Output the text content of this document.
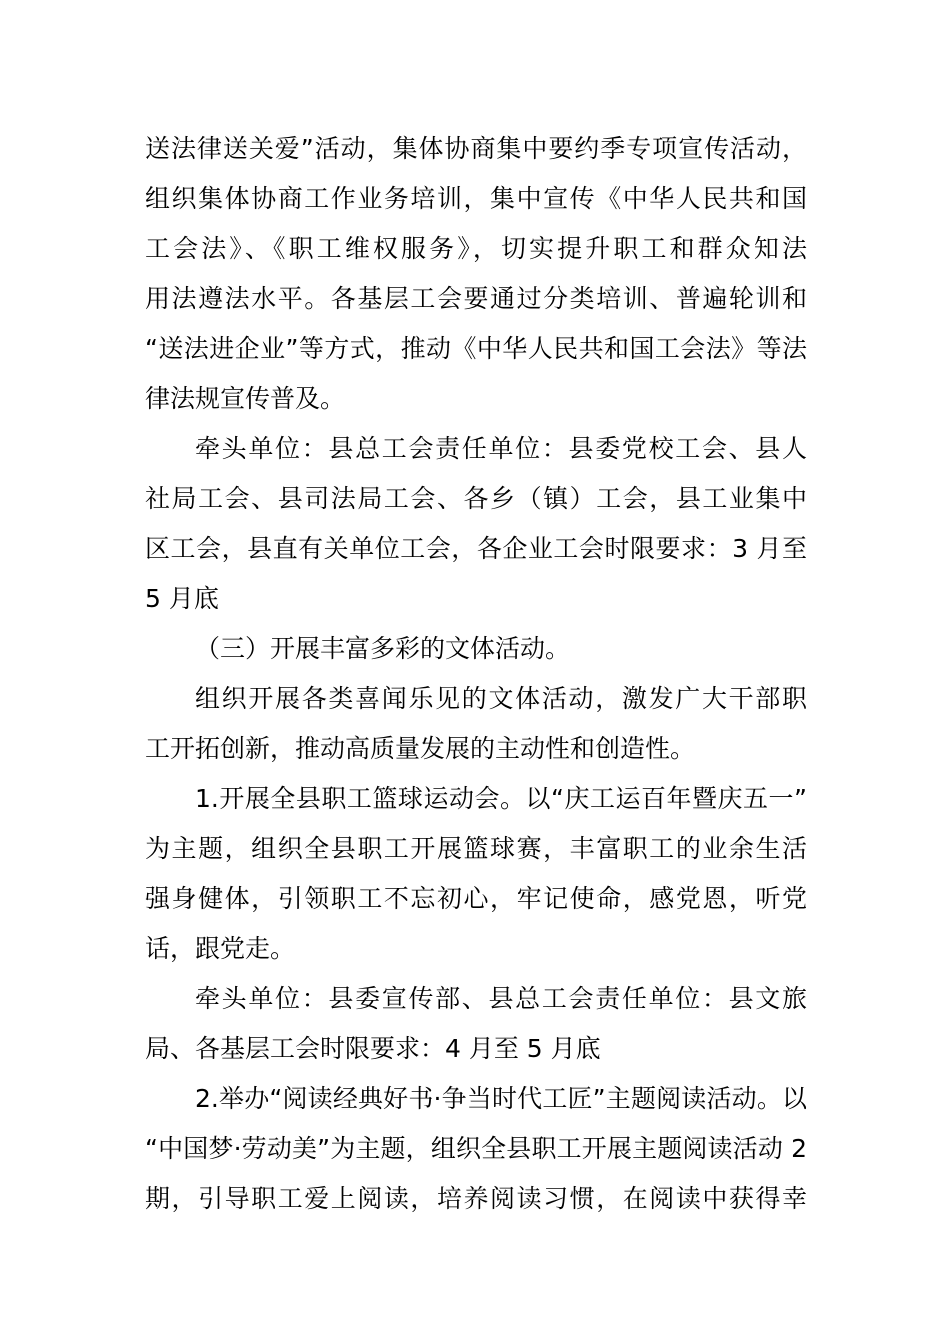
送法律送关爱”活动，集体协商集中要约季专项宣传活动，
组织集体协商工作业务培训，集中宣传《中华人民共和国
工会法》、《职工维权服务》，切实提升职工和群众知法
用法遵法水平。各基层工会要通过分类培训、普遍轮训和
“送法进企业”等方式，推动《中华人民共和国工会法》等法
律法规宣传普及。
牵头单位：县总工会责任单位：县委党校工会、县人
社局工会、县司法局工会、各乡（镇）工会，县工业集中
区工会，县直有关单位工会，各企业工会时限要求：3 月至
5 月底
（三）开展丰富多彩的文体活动。
组织开展各类喜闻乐见的文体活动，激发广大干部职
工开拓创新，推动高质量发展的主动性和创造性。
1.开展全县职工篮球运动会。以“庆工运百年暨庆五一”
为主题，组织全县职工开展篮球赛，丰富职工的业余生活
强身健体，引领职工不忘初心，牢记使命，感党恩，听党
话，跟党走。
牵头单位：县委宣传部、县总工会责任单位：县文旅
局、各基层工会时限要求：4 月至 5 月底
2.举办“阅读经典好书·争当时代工匠”主题阅读活动。以
“中国梦·劳动美”为主题，组织全县职工开展主题阅读活动 2
期，引导职工爱上阅读，培养阅读习惯，在阅读中获得幸
